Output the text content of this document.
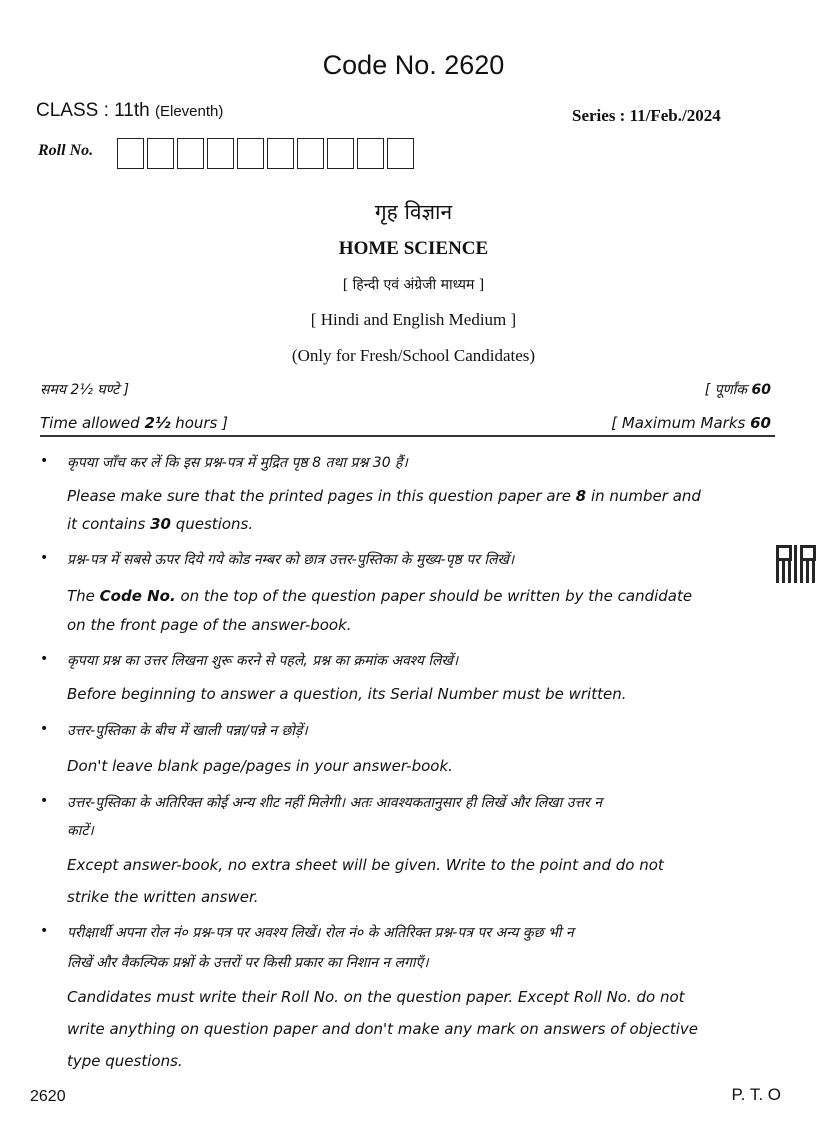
Code No. 2620
CLASS : 11th (Eleventh)	Series : 11/Feb./2024
Roll No.
गृह विज्ञान
HOME SCIENCE
[ हिन्दी एवं अंग्रेजी माध्यम ]
[ Hindi and English Medium ]
(Only for Fresh/School Candidates)
समय 2½ घण्टे ]	[ पूर्णांक 60
Time allowed 2½ hours ]	[ Maximum Marks 60
• कृपया जाँच कर लें कि इस प्रश्न-पत्र में मुद्रित पृष्ठ 8 तथा प्रश्न 30 हैं।
Please make sure that the printed pages in this question paper are 8 in number and
it contains 30 questions.
• प्रश्न-पत्र में सबसे ऊपर दिये गये कोड नम्बर को छात्र उत्तर-पुस्तिका के मुख्य-पृष्ठ पर लिखें।
The Code No. on the top of the question paper should be written by the candidate
on the front page of the answer-book.
• कृपया प्रश्न का उत्तर लिखना शुरू करने से पहले, प्रश्न का क्रमांक अवश्य लिखें।
Before beginning to answer a question, its Serial Number must be written.
• उत्तर-पुस्तिका के बीच में खाली पन्ना/पन्ने न छोड़ें।
Don't leave blank page/pages in your answer-book.
• उत्तर-पुस्तिका के अतिरिक्त कोई अन्य शीट नहीं मिलेगी। अतः आवश्यकतानुसार ही लिखें और लिखा उत्तर न
काटें।
Except answer-book, no extra sheet will be given. Write to the point and do not
strike the written answer.
• परीक्षार्थी अपना रोल नं० प्रश्न-पत्र पर अवश्य लिखें। रोल नं० के अतिरिक्त प्रश्न-पत्र पर अन्य कुछ भी न
लिखें और वैकल्पिक प्रश्नों के उत्तरों पर किसी प्रकार का निशान न लगाएँ।
Candidates must write their Roll No. on the question paper. Except Roll No. do not
write anything on question paper and don't make any mark on answers of objective
type questions.
2620	P. T. O
